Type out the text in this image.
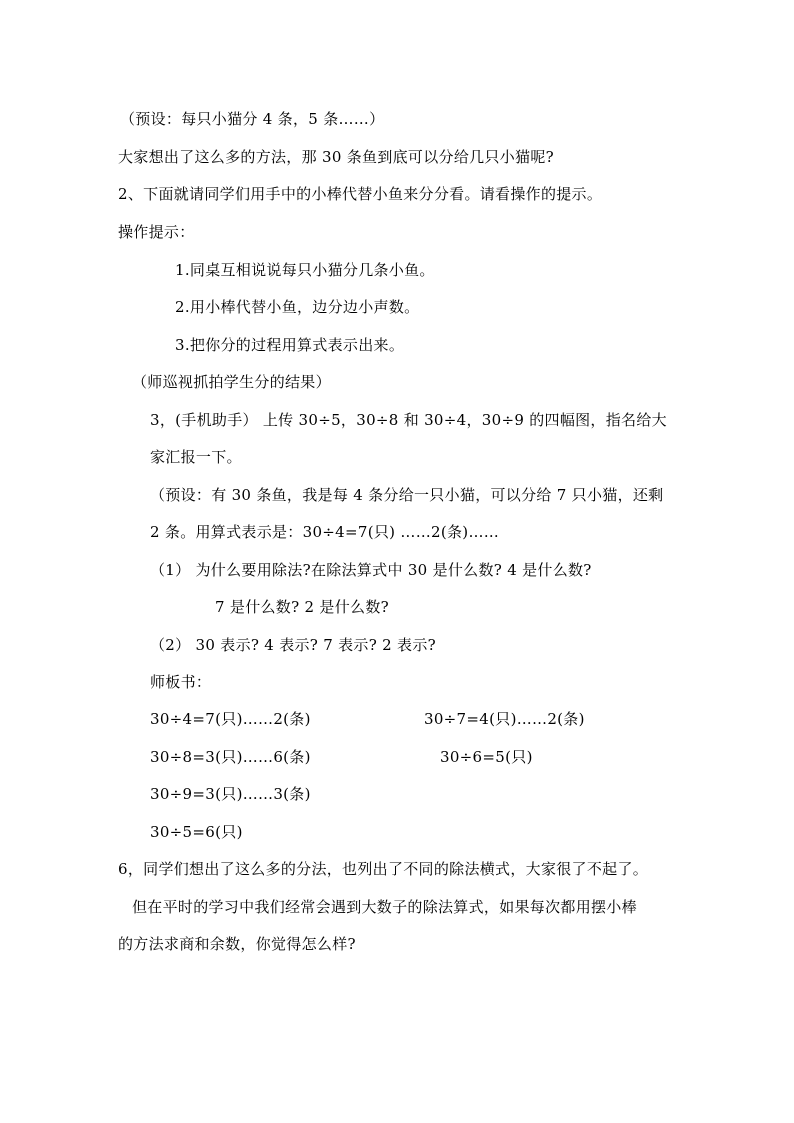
（预设：每只小猫分 4 条，5 条……）
大家想出了这么多的方法，那 30 条鱼到底可以分给几只小猫呢?
2、下面就请同学们用手中的小棒代替小鱼来分分看。请看操作的提示。
操作提示：
1.同桌互相说说每只小猫分几条小鱼。
2.用小棒代替小鱼，边分边小声数。
3.把你分的过程用算式表示出来。
（师巡视抓拍学生分的结果）
3，(手机助手） 上传 30÷5，30÷8 和 30÷4，30÷9 的四幅图，指名给大
家汇报一下。
（预设：有 30 条鱼，我是每 4 条分给一只小猫，可以分给 7 只小猫，还剩
2 条。用算式表示是：30÷4=7(只) ……2(条)……
（1） 为什么要用除法?在除法算式中 30 是什么数? 4 是什么数?
7 是什么数? 2 是什么数?
（2） 30 表示? 4 表示? 7 表示? 2 表示?
师板书：
30÷4=7(只)……2(条)	30÷7=4(只)……2(条)
30÷8=3(只)……6(条)	30÷6=5(只)
30÷9=3(只)……3(条)
30÷5=6(只)
6，同学们想出了这么多的分法，也列出了不同的除法横式，大家很了不起了。
但在平时的学习中我们经常会遇到大数子的除法算式，如果每次都用摆小棒
的方法求商和余数，你觉得怎么样?
